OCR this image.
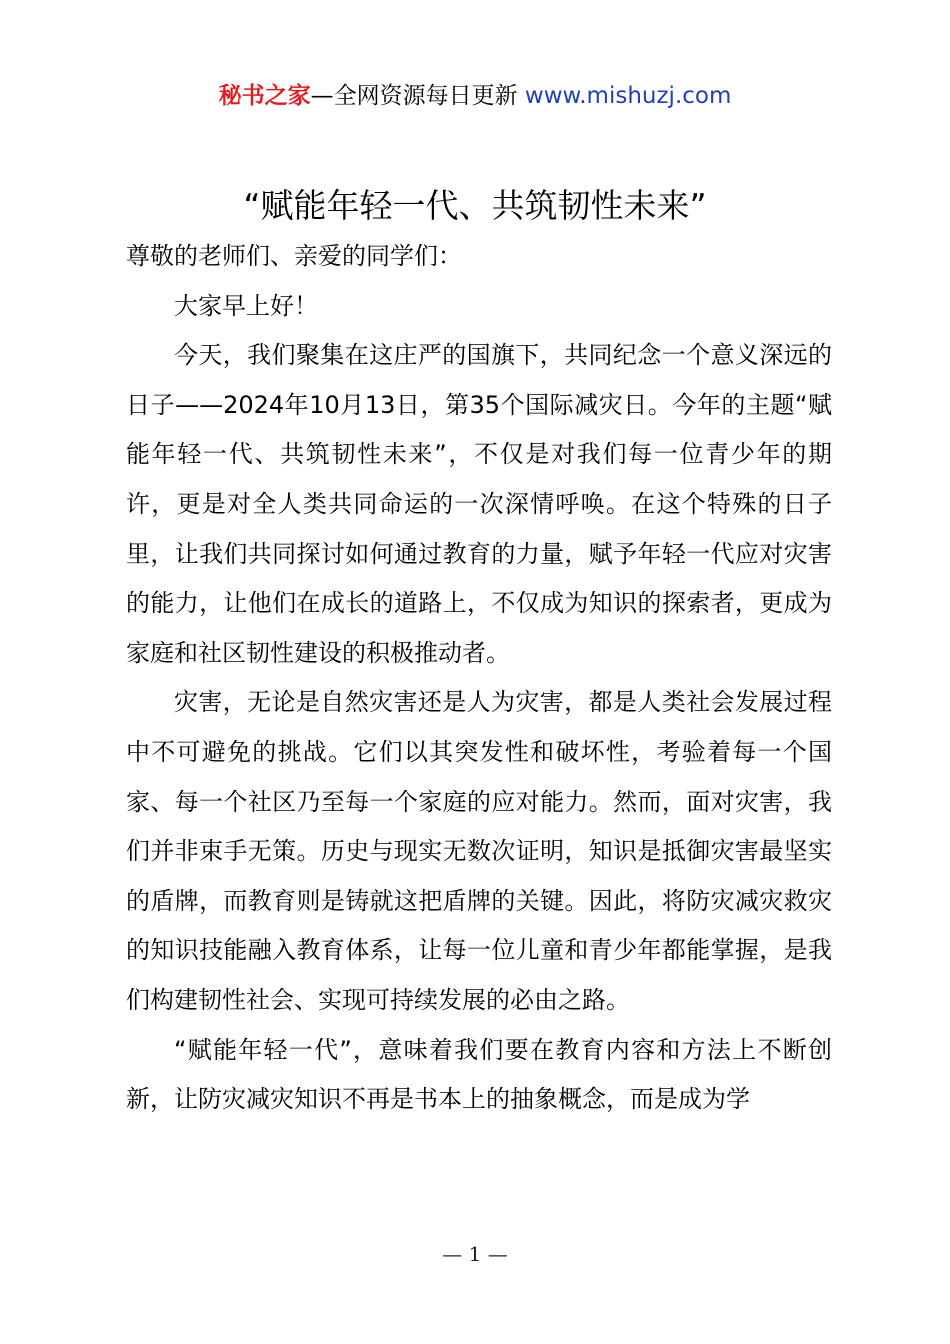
秘书之家—全网资源每日更新 www.mishuzj.com
“赋能年轻一代、共筑韧性未来”

尊敬的老师们、亲爱的同学们：

大家早上好！

今天，我们聚集在这庄严的国旗下，共同纪念一个意义深远的日子——2024年10月13日，第35个国际减灾日。今年的主题“赋能年轻一代、共筑韧性未来”，不仅是对我们每一位青少年的期许，更是对全人类共同命运的一次深情呼唤。在这个特殊的日子里，让我们共同探讨如何通过教育的力量，赋予年轻一代应对灾害的能力，让他们在成长的道路上，不仅成为知识的探索者，更成为家庭和社区韧性建设的积极推动者。

灾害，无论是自然灾害还是人为灾害，都是人类社会发展过程中不可避免的挑战。它们以其突发性和破坏性，考验着每一个国家、每一个社区乃至每一个家庭的应对能力。然而，面对灾害，我们并非束手无策。历史与现实无数次证明，知识是抵御灾害最坚实的盾牌，而教育则是铸就这把盾牌的关键。因此，将防灾减灾救灾的知识技能融入教育体系，让每一位儿童和青少年都能掌握，是我们构建韧性社会、实现可持续发展的必由之路。

“赋能年轻一代”，意味着我们要在教育内容和方法上不断创新，让防灾减灾知识不再是书本上的抽象概念，而是成为学

— 1 —
